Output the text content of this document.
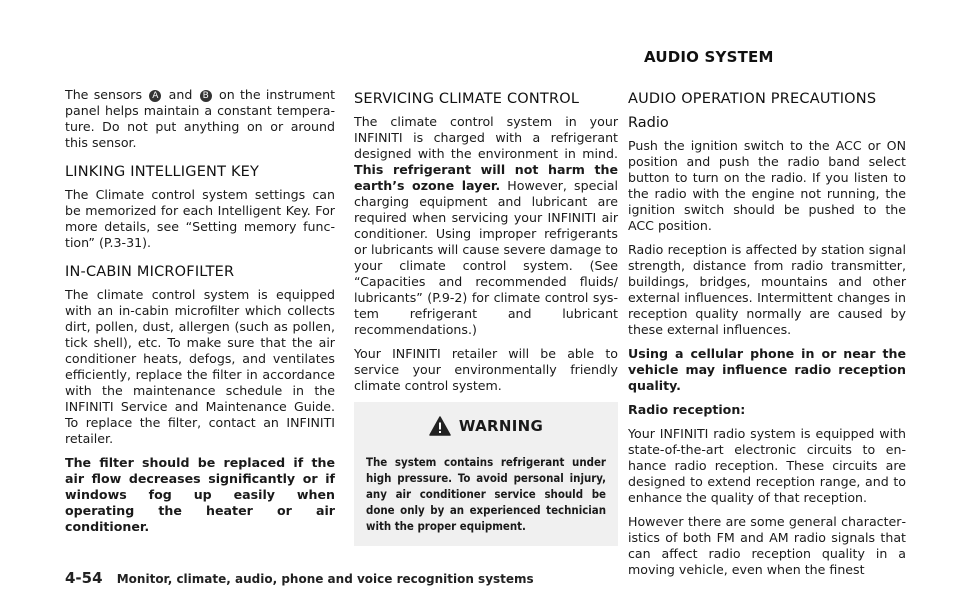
AUDIO SYSTEM

The sensors A and B on the instrument panel helps maintain a constant temperature. Do not put anything on or around this sensor.

LINKING INTELLIGENT KEY

The Climate control system settings can be memorized for each Intelligent Key. For more details, see “Setting memory function” (P.3-31).

IN-CABIN MICROFILTER

The climate control system is equipped with an in-cabin microfilter which collects dirt, pollen, dust, allergen (such as pollen, tick shell), etc. To make sure that the air conditioner heats, defogs, and ventilates efficiently, replace the filter in accordance with the maintenance schedule in the INFINITI Service and Maintenance Guide. To replace the filter, contact an INFINITI retailer.

The filter should be replaced if the air flow decreases significantly or if windows fog up easily when operating the heater or air conditioner.

SERVICING CLIMATE CONTROL

The climate control system in your INFINITI is charged with a refrigerant designed with the environment in mind. This refrigerant will not harm the earth’s ozone layer. However, special charging equipment and lubricant are required when servicing your INFINITI air conditioner. Using improper refrigerants or lubricants will cause severe damage to your climate control system. (See “Capacities and recommended fluids/ lubricants” (P.9-2) for climate control system refrigerant and lubricant recommendations.)

Your INFINITI retailer will be able to service your environmentally friendly climate control system.

WARNING

The system contains refrigerant under high pressure. To avoid personal injury, any air conditioner service should be done only by an experienced technician with the proper equipment.

AUDIO OPERATION PRECAUTIONS
Radio

Push the ignition switch to the ACC or ON position and push the radio band select button to turn on the radio. If you listen to the radio with the engine not running, the ignition switch should be pushed to the ACC position.

Radio reception is affected by station signal strength, distance from radio transmitter, buildings, bridges, mountains and other external influences. Intermittent changes in reception quality normally are caused by these external influences.

Using a cellular phone in or near the vehicle may influence radio reception quality.

Radio reception:

Your INFINITI radio system is equipped with state-of-the-art electronic circuits to enhance radio reception. These circuits are designed to extend reception range, and to enhance the quality of that reception.

However there are some general characteristics of both FM and AM radio signals that can affect radio reception quality in a moving vehicle, even when the finest

4-54 Monitor, climate, audio, phone and voice recognition systems
